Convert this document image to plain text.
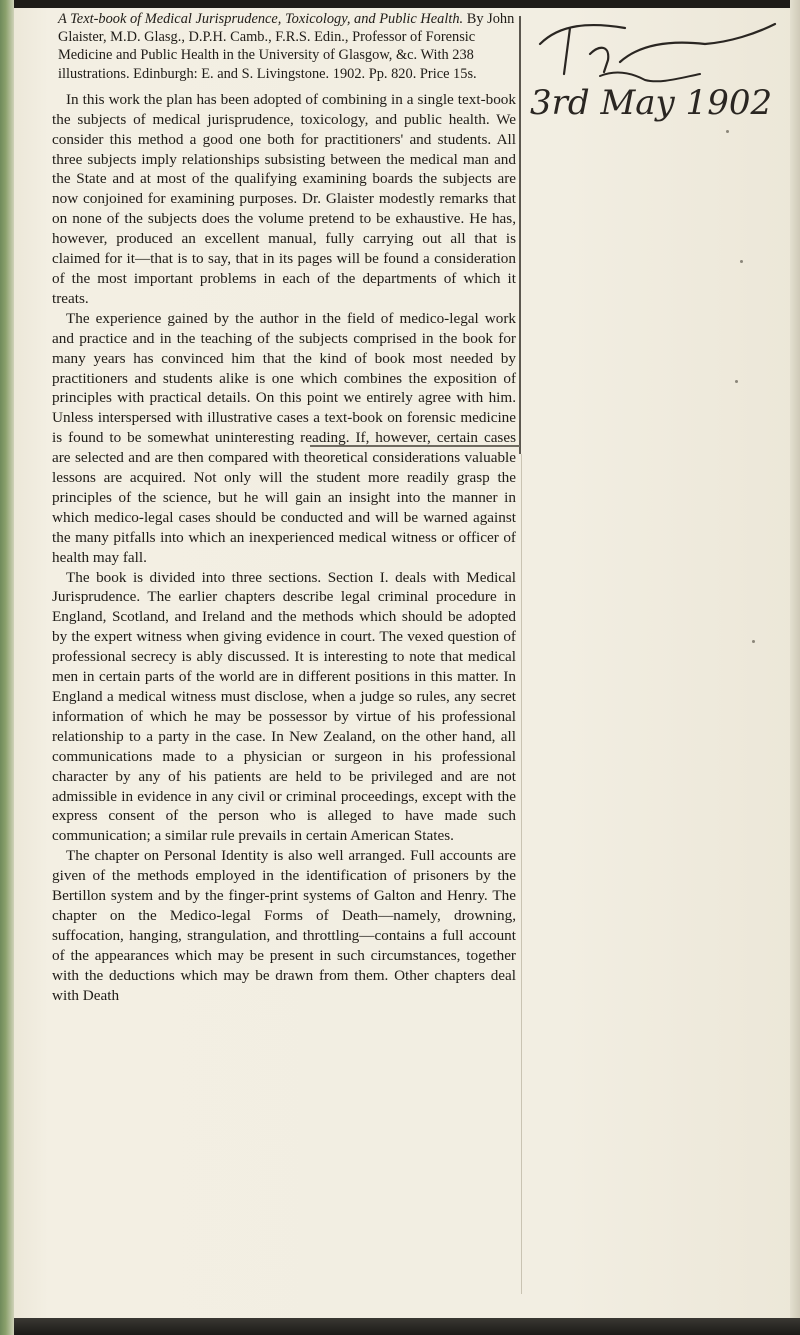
A Text-book of Medical Jurisprudence, Toxicology, and Public Health. By John Glaister, M.D. Glasg., D.P.H. Camb., F.R.S. Edin., Professor of Forensic Medicine and Public Health in the University of Glasgow, &c. With 238 illustrations. Edinburgh: E. and S. Livingstone. 1902. Pp. 820. Price 15s.

In this work the plan has been adopted of combining in a single text-book the subjects of medical jurisprudence, toxicology, and public health. We consider this method a good one both for practitioners' and students. All three subjects imply relationships subsisting between the medical man and the State and at most of the qualifying examining boards the subjects are now conjoined for examining purposes. Dr. Glaister modestly remarks that on none of the subjects does the volume pretend to be exhaustive. He has, however, produced an excellent manual, fully carrying out all that is claimed for it—that is to say, that in its pages will be found a consideration of the most important problems in each of the departments of which it treats.

The experience gained by the author in the field of medico-legal work and practice and in the teaching of the subjects comprised in the book for many years has convinced him that the kind of book most needed by practitioners and students alike is one which combines the exposition of principles with practical details. On this point we entirely agree with him. Unless interspersed with illustrative cases a text-book on forensic medicine is found to be somewhat uninteresting reading. If, however, certain cases are selected and are then compared with theoretical considerations valuable lessons are acquired. Not only will the student more readily grasp the principles of the science, but he will gain an insight into the manner in which medico-legal cases should be conducted and will be warned against the many pitfalls into which an inexperienced medical witness or officer of health may fall.

The book is divided into three sections. Section I. deals with Medical Jurisprudence. The earlier chapters describe legal criminal procedure in England, Scotland, and Ireland and the methods which should be adopted by the expert witness when giving evidence in court. The vexed question of professional secrecy is ably discussed. It is interesting to note that medical men in certain parts of the world are in different positions in this matter. In England a medical witness must disclose, when a judge so rules, any secret information of which he may be possessor by virtue of his professional relationship to a party in the case. In New Zealand, on the other hand, all communications made to a physician or surgeon in his professional character by any of his patients are held to be privileged and are not admissible in evidence in any civil or criminal proceedings, except with the express consent of the person who is alleged to have made such communication; a similar rule prevails in certain American States.

The chapter on Personal Identity is also well arranged. Full accounts are given of the methods employed in the identification of prisoners by the Bertillon system and by the finger-print systems of Galton and Henry. The chapter on the Medico-legal Forms of Death—namely, drowning, suffocation, hanging, strangulation, and throttling—contains a full account of the appearances which may be present in such circumstances, together with the deductions which may be drawn from them. Other chapters deal with Death

3rd May 1902
